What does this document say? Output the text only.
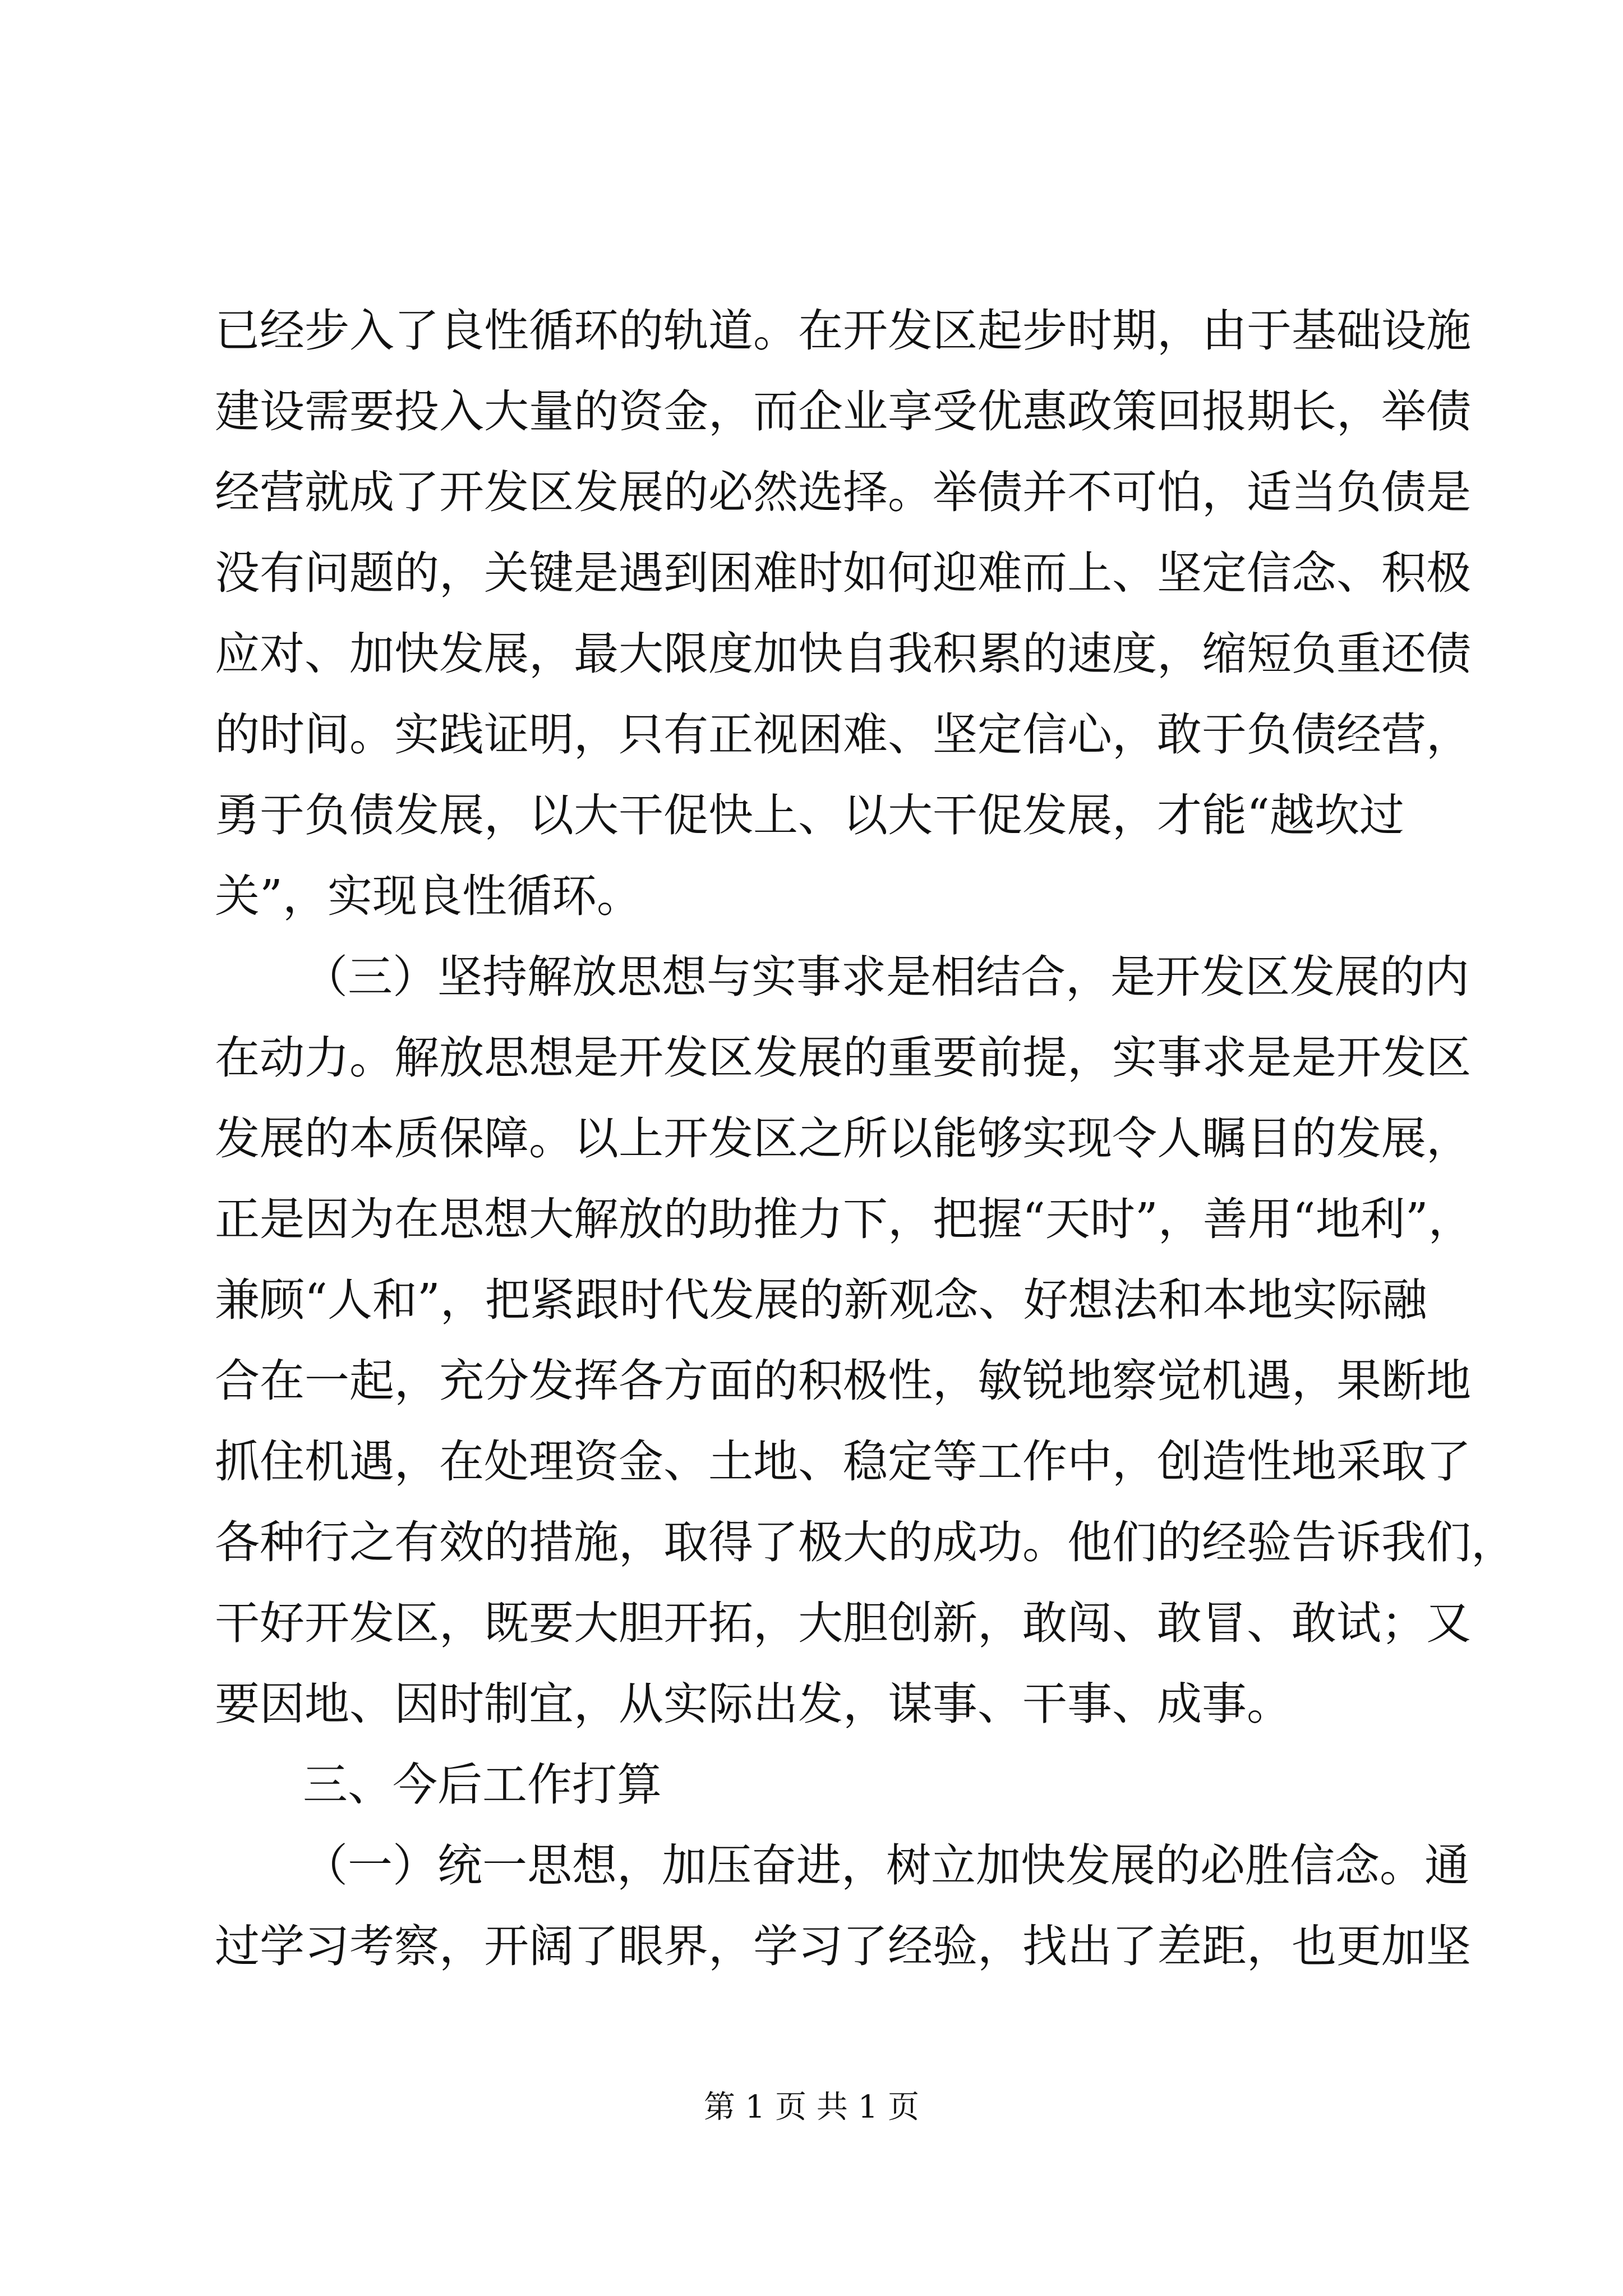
已经步入了良性循环的轨道。在开发区起步时期，由于基础设施
建设需要投入大量的资金，而企业享受优惠政策回报期长，举债
经营就成了开发区发展的必然选择。举债并不可怕，适当负债是
没有问题的，关键是遇到困难时如何迎难而上、坚定信念、积极
应对、加快发展，最大限度加快自我积累的速度，缩短负重还债
的时间。实践证明，只有正视困难、坚定信心，敢于负债经营，
勇于负债发展，以大干促快上、以大干促发展，才能“越坎过
关”，实现良性循环。
（三）坚持解放思想与实事求是相结合，是开发区发展的内
在动力。解放思想是开发区发展的重要前提，实事求是是开发区
发展的本质保障。以上开发区之所以能够实现令人瞩目的发展，
正是因为在思想大解放的助推力下，把握“天时”，善用“地利”，
兼顾“人和”，把紧跟时代发展的新观念、好想法和本地实际融
合在一起，充分发挥各方面的积极性，敏锐地察觉机遇，果断地
抓住机遇，在处理资金、土地、稳定等工作中，创造性地采取了
各种行之有效的措施，取得了极大的成功。他们的经验告诉我们，
干好开发区，既要大胆开拓，大胆创新，敢闯、敢冒、敢试；又
要因地、因时制宜，从实际出发，谋事、干事、成事。
三、今后工作打算
（一）统一思想，加压奋进，树立加快发展的必胜信念。通
过学习考察，开阔了眼界，学习了经验，找出了差距，也更加坚
第 1 页 共 1 页
